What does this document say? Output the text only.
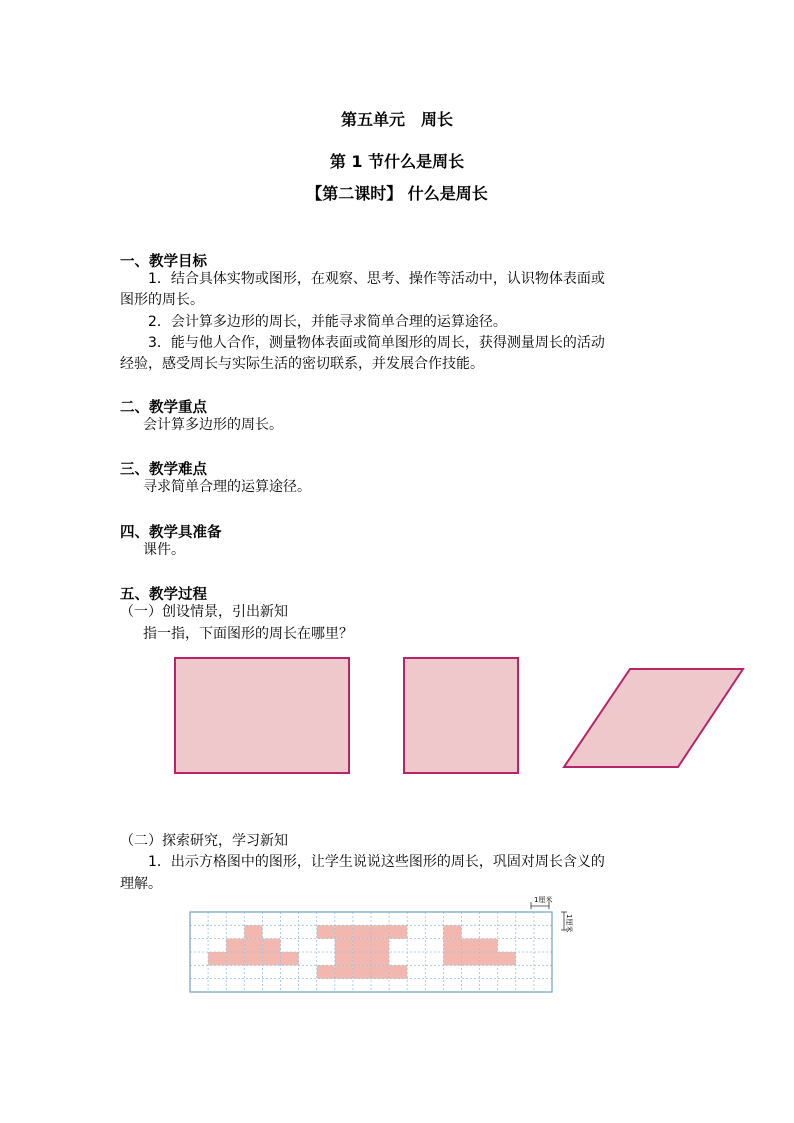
第五单元　周长
第 1 节什么是周长
【第二课时】 什么是周长
一、教学目标
1．结合具体实物或图形，在观察、思考、操作等活动中，认识物体表面或
图形的周长。
2．会计算多边形的周长，并能寻求简单合理的运算途径。
3．能与他人合作，测量物体表面或简单图形的周长，获得测量周长的活动
经验，感受周长与实际生活的密切联系，并发展合作技能。
二、教学重点
会计算多边形的周长。
三、教学难点
寻求简单合理的运算途径。
四、教学具准备
课件。
五、教学过程
（一）创设情景，引出新知
指一指，下面图形的周长在哪里？
（二）探索研究，学习新知
1．出示方格图中的图形，让学生说说这些图形的周长，巩固对周长含义的
理解。
1厘米
1厘米
